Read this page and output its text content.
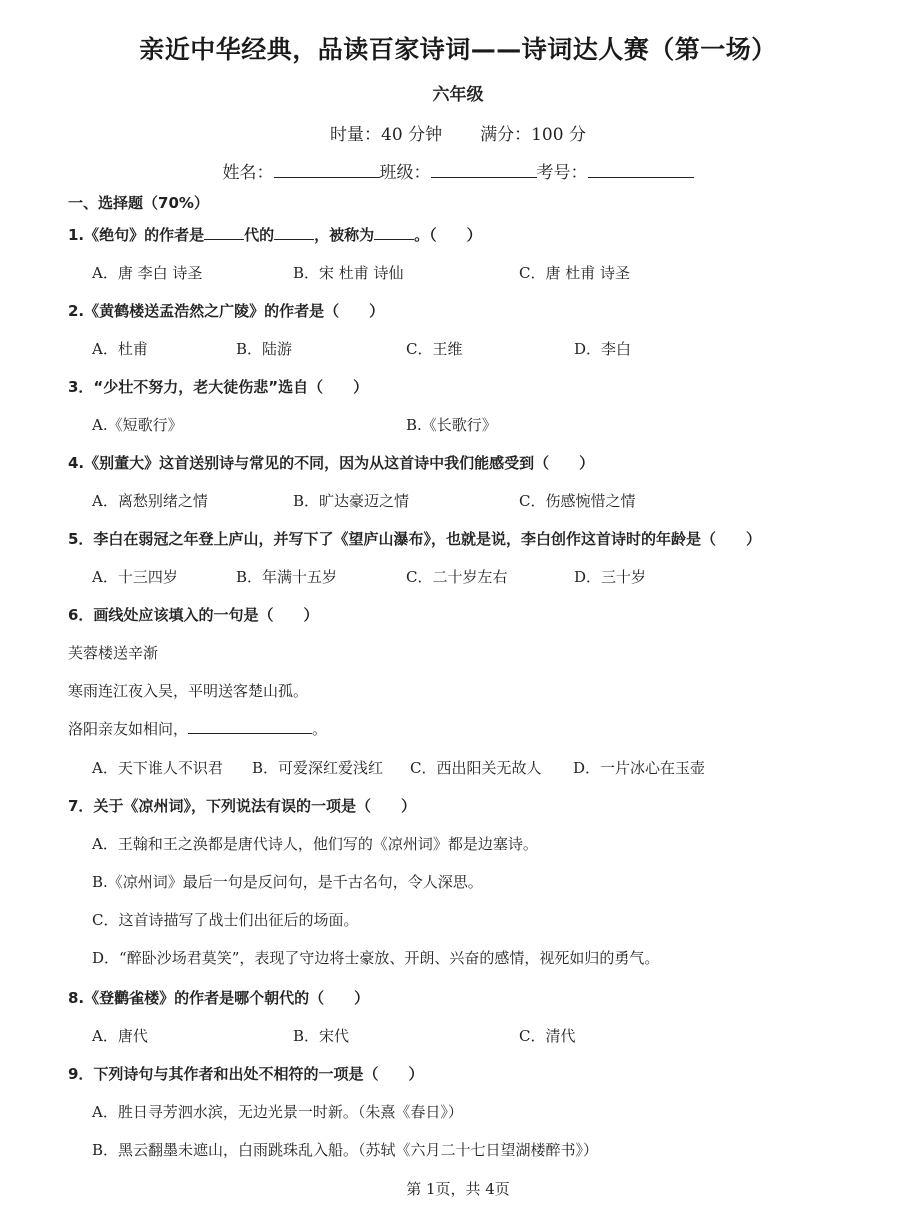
亲近中华经典，品读百家诗词——诗词达人赛（第一场）
六年级
时量：40 分钟 满分：100 分
姓名：	班级：	考号：
一、选择题（70%）
1.《绝句》的作者是	代的	，被称为	。（　　）
A．唐 李白 诗圣	B．宋 杜甫 诗仙	C．唐 杜甫 诗圣
2.《黄鹤楼送孟浩然之广陵》的作者是（　　）
A．杜甫	B．陆游	C．王维	D．李白
3．“少壮不努力，老大徒伤悲”选自（　　）
A.《短歌行》	B.《长歌行》
4.《别董大》这首送别诗与常见的不同，因为从这首诗中我们能感受到（　　）
A．离愁别绪之情	B．旷达豪迈之情	C．伤感惋惜之情
5．李白在弱冠之年登上庐山，并写下了《望庐山瀑布》，也就是说，李白创作这首诗时的年龄是（　　）
A．十三四岁	B．年满十五岁	C．二十岁左右	D．三十岁
6．画线处应该填入的一句是（　　）
芙蓉楼送辛渐
寒雨连江夜入吴，平明送客楚山孤。
洛阳亲友如相问，	。
A．天下谁人不识君 B．可爱深红爱浅红 C．西出阳关无故人 D．一片冰心在玉壶
7．关于《凉州词》，下列说法有误的一项是（　　）
A．王翰和王之涣都是唐代诗人，他们写的《凉州词》都是边塞诗。
B.《凉州词》最后一句是反问句，是千古名句，令人深思。
C．这首诗描写了战士们出征后的场面。
D．“醉卧沙场君莫笑”，表现了守边将士豪放、开朗、兴奋的感情，视死如归的勇气。
8.《登鹳雀楼》的作者是哪个朝代的（　　）
A．唐代	B．宋代	C．清代
9．下列诗句与其作者和出处不相符的一项是（　　）
A．胜日寻芳泗水滨，无边光景一时新。（朱熹《春日》）
B．黑云翻墨未遮山，白雨跳珠乱入船。（苏轼《六月二十七日望湖楼醉书》）
第 1页，共 4页
